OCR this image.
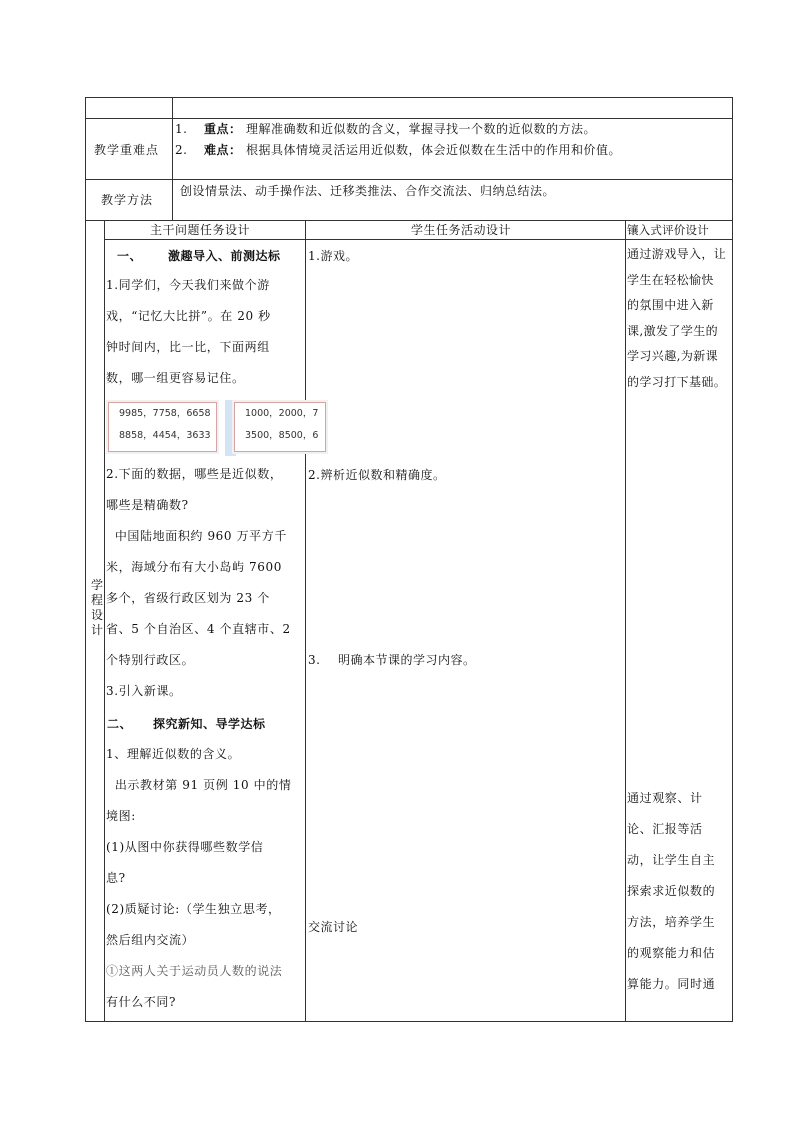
教学重难点
1. 重点： 理解准确数和近似数的含义，掌握寻找一个数的近似数的方法。
2. 难点： 根据具体情境灵活运用近似数，体会近似数在生活中的作用和价值。
教学方法
创设情景法、动手操作法、迁移类推法、合作交流法、归纳总结法。
学
程
设
计
主干问题任务设计	学生任务活动设计	镶入式评价设计
一、 激趣导入、前测达标
1.同学们，今天我们来做个游
戏，“记忆大比拼”。在 20 秒
钟时间内，比一比，下面两组
数，哪一组更容易记住。
9985，7758，6658
8858，4454，3633
1000，2000，7
3500，8500，6
2.下面的数据，哪些是近似数，
哪些是精确数?
中国陆地面积约 960 万平方千
米，海域分布有大小岛屿 7600
多个，省级行政区划为 23 个
省、5 个自治区、4 个直辖市、2
个特别行政区。
3.引入新课。
二、 探究新知、导学达标
1、理解近似数的含义。
出示教材第 91 页例 10 中的情
境图:
(1)从图中你获得哪些数学信
息?
(2)质疑讨论:（学生独立思考，
然后组内交流）
①这两人关于运动员人数的说法
有什么不同?
1.游戏。
2.辨析近似数和精确度。
3. 明确本节课的学习内容。
交流讨论
通过游戏导入，让
学生在轻松愉快
的氛围中进入新
课,激发了学生的
学习兴趣,为新课
的学习打下基础。
通过观察、计
论、汇报等活
动，让学生自主
探索求近似数的
方法，培养学生
的观察能力和估
算能力。同时通
